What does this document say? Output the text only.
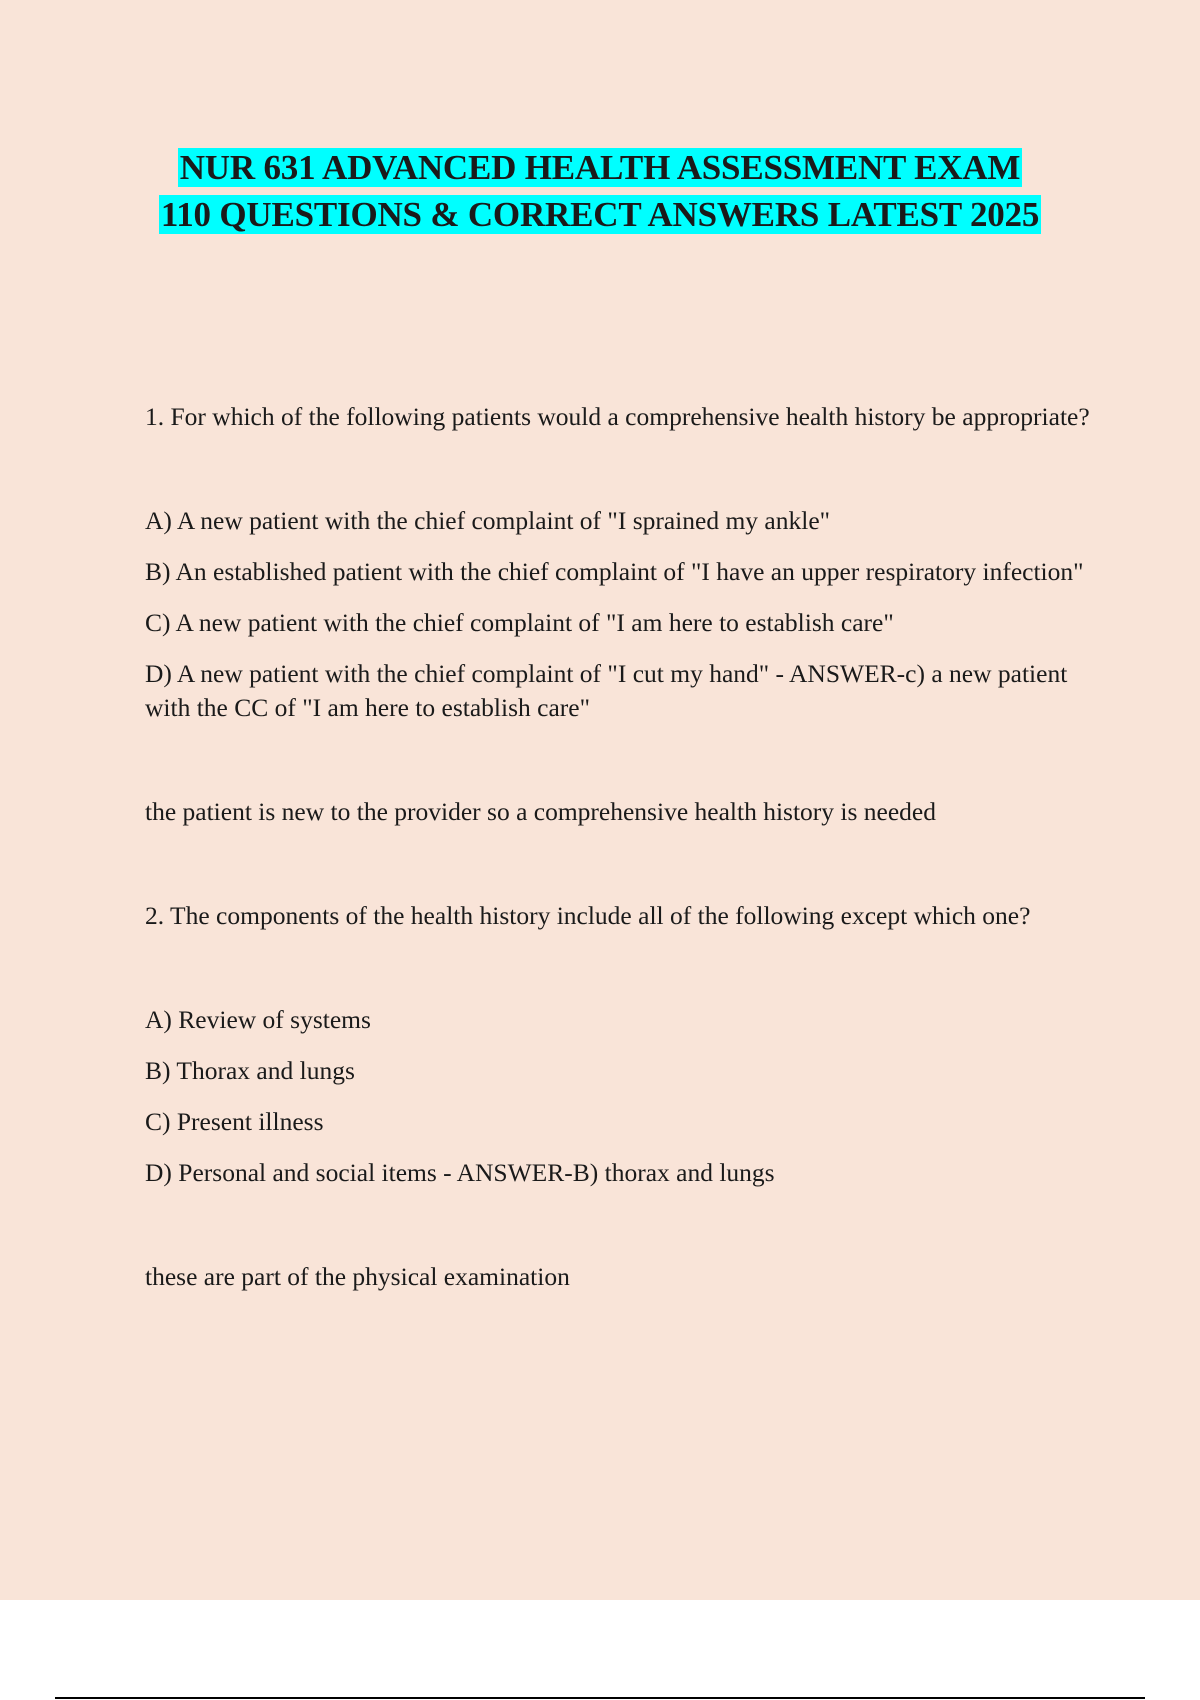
NUR 631 ADVANCED HEALTH ASSESSMENT EXAM
110 QUESTIONS & CORRECT ANSWERS LATEST 2025

1. For which of the following patients would a comprehensive health history be appropriate?

A) A new patient with the chief complaint of "I sprained my ankle"

B) An established patient with the chief complaint of "I have an upper respiratory infection"

C) A new patient with the chief complaint of "I am here to establish care"

D) A new patient with the chief complaint of "I cut my hand" - ANSWER-c) a new patient with the CC of "I am here to establish care"

the patient is new to the provider so a comprehensive health history is needed

2. The components of the health history include all of the following except which one?

A) Review of systems

B) Thorax and lungs

C) Present illness

D) Personal and social items - ANSWER-B) thorax and lungs

these are part of the physical examination
